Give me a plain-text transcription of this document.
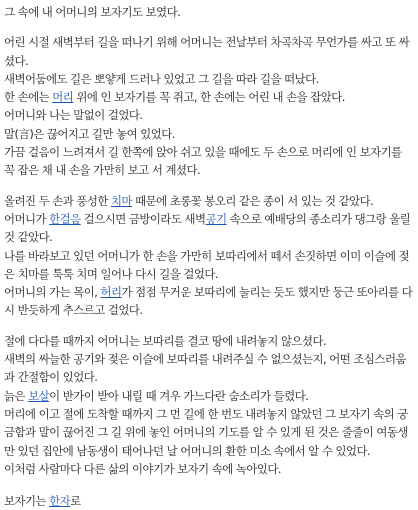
그 속에 내 어머니의 보자기도 보였다.

어린 시절 새벽부터 길을 떠나기 위해 어머니는 전날부터 차곡차곡 무언가를 싸고 또 싸셨다.

새벽어둠에도 길은 뽀얗게 드러나 있었고 그 길을 따라 길을 떠났다.

한 손에는 머리 위에 인 보자기를 꼭 쥐고, 한 손에는 어린 내 손을 잡았다.

어머니와 나는 말없이 걸었다.

말(言)은 끊어지고 길만 놓여 있었다.

가끔 걸음이 느려져서 길 한쪽에 앉아 쉬고 있을 때에도 두 손으로 머리에 인 보자기를 꼭 잡은 채 내 손을 가만히 보고 서 계셨다.

올려진 두 손과 풍성한 치마 때문에 초롱꽃 봉오리 같은 종이 서 있는 것 같았다.

어머니가 한걸음 걸으시면 금방이라도 새벽공기 속으로 예배당의 종소리가 댕그랑 울릴 것 같았다.

나를 바라보고 있던 어머니가 한 손을 가만히 보따리에서 떼서 손짓하면 이미 이슬에 젖은 치마를 툭툭 치며 일어나 다시 길을 걸었다.

어머니의 가는 목이, 허리가 점점 무거운 보따리에 눌리는 듯도 했지만 둥근 또아리를 다시 반듯하게 추스르고 걸었다.

절에 다다를 때까지 어머니는 보따리를 결코 땅에 내려놓지 않으셨다.

새벽의 싸늘한 공기와 젖은 이슬에 보따리를 내려주실 수 없으셨는지, 어떤 조심스러움과 간절함이 있었다.

늙은 보살이 반가이 받아 내릴 때 겨우 가느다란 숨소리가 들렸다.

머리에 이고 절에 도착할 때까지 그 먼 길에 한 번도 내려놓지 않았던 그 보자기 속의 궁금함과 말이 끊어진 그 길 위에 놓인 어머니의 기도를 알 수 있게 된 것은 줄줄이 여동생만 있던 집안에 남동생이 태어나던 날 어머니의 환한 미소 속에서 알 수 있었다.

이처럼 사람마다 다른 삶의 이야기가 보자기 속에 녹아있다.

보자기는 한자로
